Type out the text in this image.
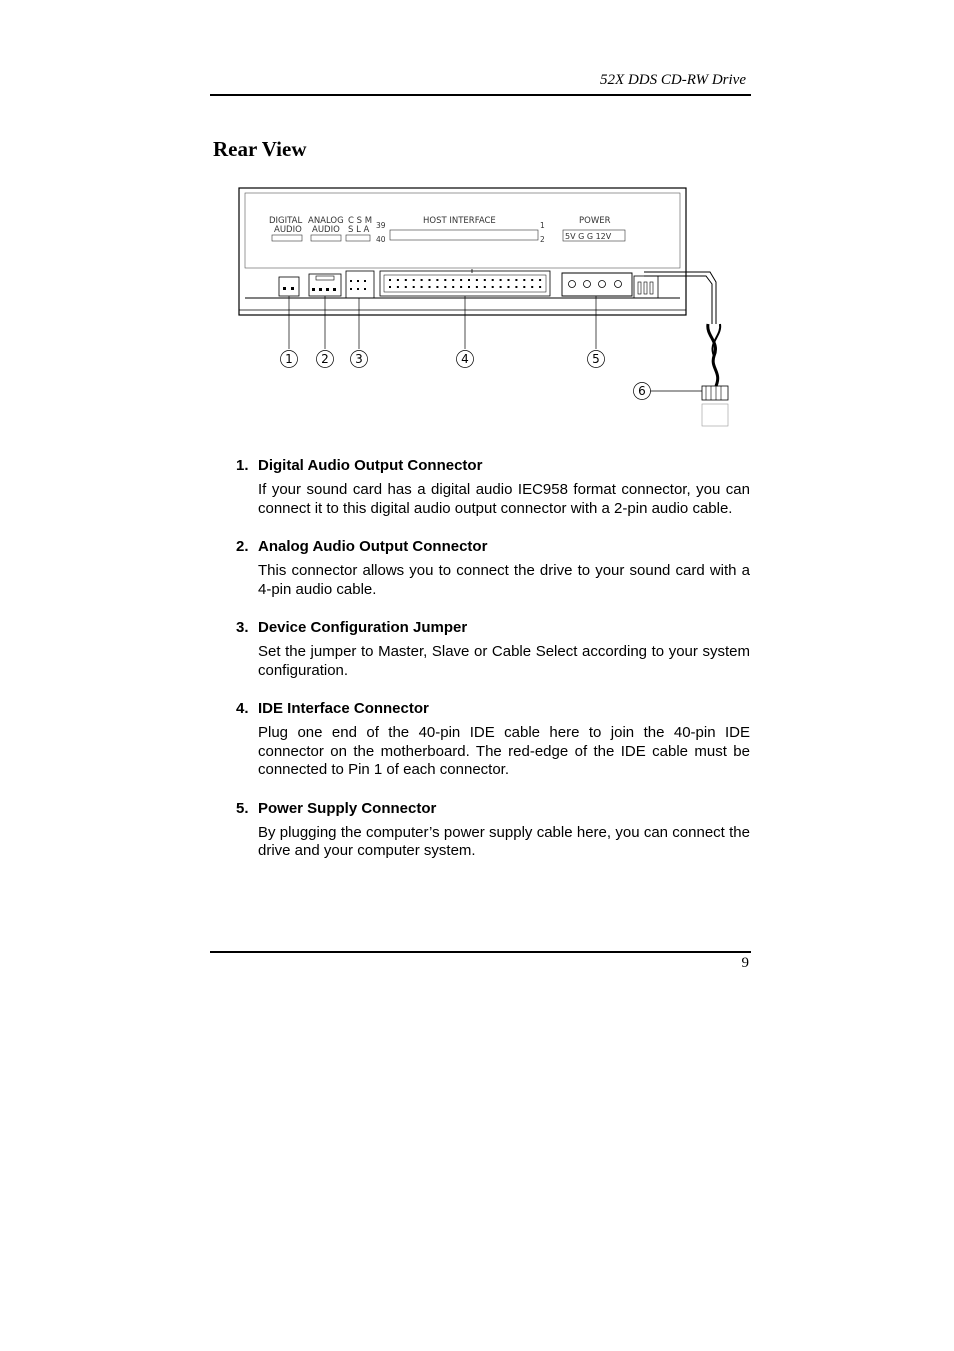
52X DDS CD-RW Drive
Rear View
DIGITAL
AUDIO
ANALOG
AUDIO
C S M
S L A 39
40
HOST INTERFACE	1
2
POWER
5V G G 12V
1 2 3	4	5
6
1. Digital Audio Output Connector
If your sound card has a digital audio IEC958 format connector, you can connect it to this digital audio output connector with a 2-pin audio cable.
2. Analog Audio Output Connector
This connector allows you to connect the drive to your sound card with a 4-pin audio cable.
3. Device Configuration Jumper
Set the jumper to Master, Slave or Cable Select according to your system configuration.
4. IDE Interface Connector
Plug one end of the 40-pin IDE cable here to join the 40-pin IDE connector on the motherboard. The red-edge of the IDE cable must be connected to Pin 1 of each connector.
5. Power Supply Connector
By plugging the computer’s power supply cable here, you can connect the drive and your computer system.
9
